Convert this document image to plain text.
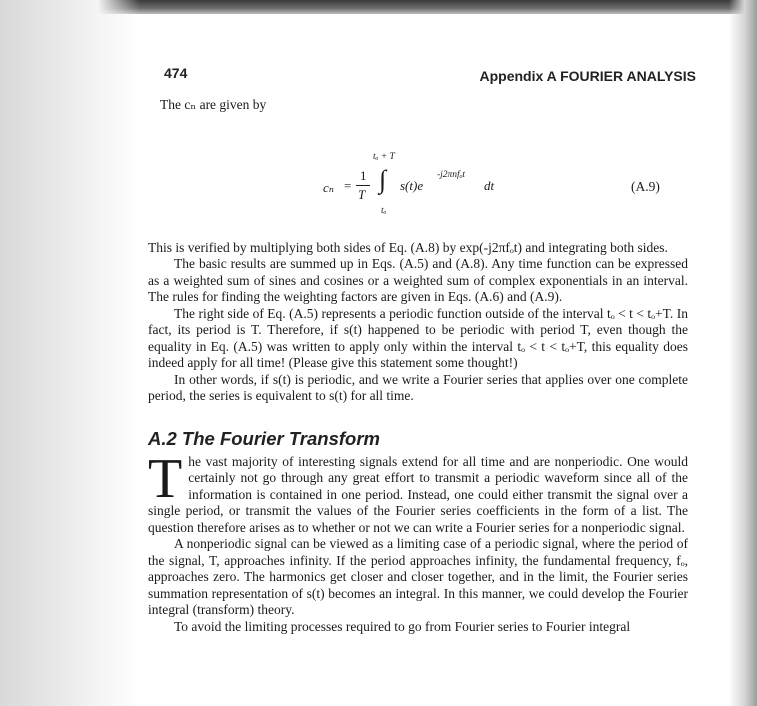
474	Appendix A FOURIER ANALYSIS

The cₙ are given by

cₙ =
1
T
tₒ + T
∫
tₒ
s(t)e
-j2πnfₒt
dt	(A.9)

This is verified by multiplying both sides of Eq. (A.8) by exp(-j2πfₒt) and integrating both sides.

The basic results are summed up in Eqs. (A.5) and (A.8). Any time function can be expressed as a weighted sum of sines and cosines or a weighted sum of complex exponentials in an interval. The rules for finding the weighting factors are given in Eqs. (A.6) and (A.9).

The right side of Eq. (A.5) represents a periodic function outside of the interval tₒ < t < tₒ+T. In fact, its period is T. Therefore, if s(t) happened to be periodic with period T, even though the equality in Eq. (A.5) was written to apply only within the interval tₒ < t < tₒ+T, this equality does indeed apply for all time! (Please give this statement some thought!)

In other words, if s(t) is periodic, and we write a Fourier series that applies over one complete period, the series is equivalent to s(t) for all time.

A.2 The Fourier Transform

The vast majority of interesting signals extend for all time and are nonperiodic. One would certainly not go through any great effort to transmit a periodic waveform since all of the information is contained in one period. Instead, one could either transmit the signal over a single period, or transmit the values of the Fourier series coefficients in the form of a list. The question therefore arises as to whether or not we can write a Fourier series for a nonperiodic signal.

A nonperiodic signal can be viewed as a limiting case of a periodic signal, where the period of the signal, T, approaches infinity. If the period approaches infinity, the fundamental frequency, fₒ, approaches zero. The harmonics get closer and closer together, and in the limit, the Fourier series summation representation of s(t) becomes an integral. In this manner, we could develop the Fourier integral (transform) theory.

To avoid the limiting processes required to go from Fourier series to Fourier integral
